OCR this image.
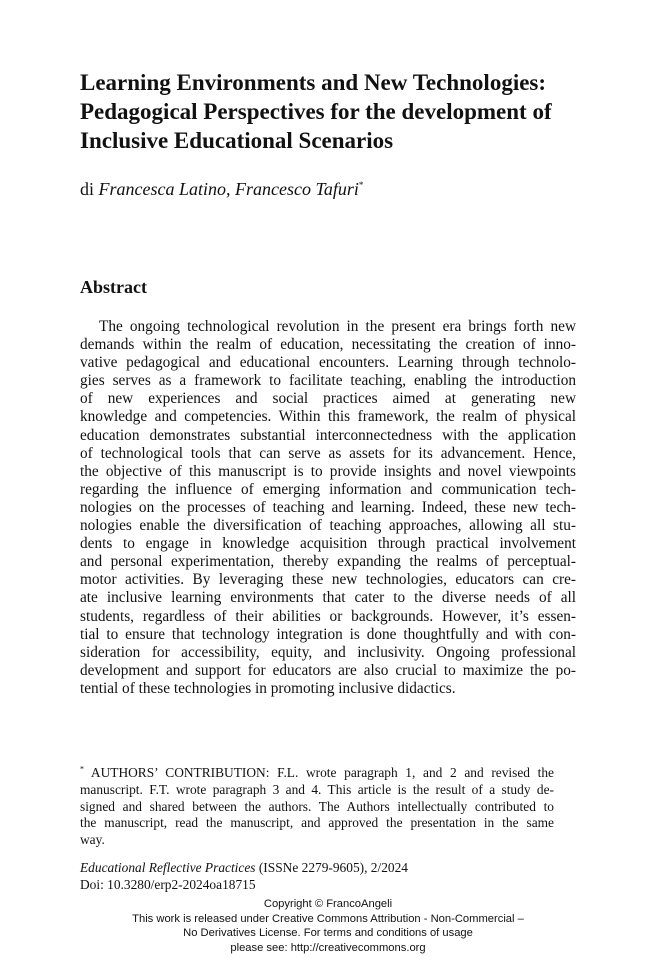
Learning Environments and New Technologies:
Pedagogical Perspectives for the development of
Inclusive Educational Scenarios
di Francesca Latino, Francesco Tafuri*
Abstract
The ongoing technological revolution in the present era brings forth new
demands within the realm of education, necessitating the creation of inno-
vative pedagogical and educational encounters. Learning through technolo-
gies serves as a framework to facilitate teaching, enabling the introduction
of new experiences and social practices aimed at generating new
knowledge and competencies. Within this framework, the realm of physical
education demonstrates substantial interconnectedness with the application
of technological tools that can serve as assets for its advancement. Hence,
the objective of this manuscript is to provide insights and novel viewpoints
regarding the influence of emerging information and communication tech-
nologies on the processes of teaching and learning. Indeed, these new tech-
nologies enable the diversification of teaching approaches, allowing all stu-
dents to engage in knowledge acquisition through practical involvement
and personal experimentation, thereby expanding the realms of perceptual-
motor activities. By leveraging these new technologies, educators can cre-
ate inclusive learning environments that cater to the diverse needs of all
students, regardless of their abilities or backgrounds. However, it’s essen-
tial to ensure that technology integration is done thoughtfully and with con-
sideration for accessibility, equity, and inclusivity. Ongoing professional
development and support for educators are also crucial to maximize the po-
tential of these technologies in promoting inclusive didactics.
* AUTHORS’ CONTRIBUTION: F.L. wrote paragraph 1, and 2 and revised the
manuscript. F.T. wrote paragraph 3 and 4. This article is the result of a study de-
signed and shared between the authors. The Authors intellectually contributed to
the manuscript, read the manuscript, and approved the presentation in the same
way.
Educational Reflective Practices (ISSNe 2279-9605), 2/2024
Doi: 10.3280/erp2-2024oa18715
Copyright © FrancoAngeli
This work is released under Creative Commons Attribution - Non-Commercial –
No Derivatives License. For terms and conditions of usage
please see: http://creativecommons.org
